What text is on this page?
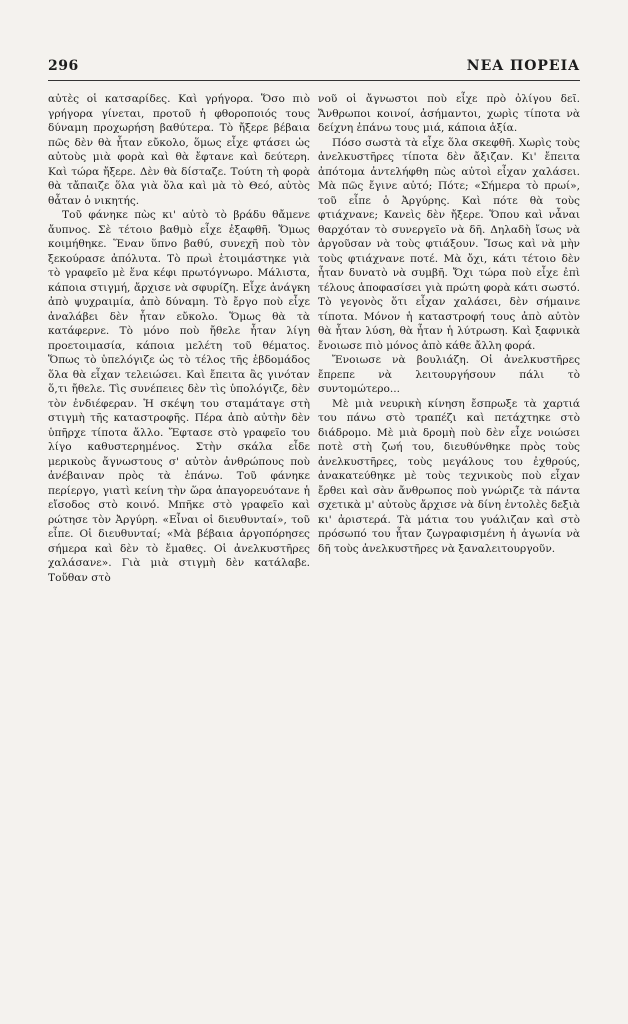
296	ΝΕΑ ΠΟΡΕΙΑ

αὐτὲς οἱ κατσαρίδες. Καὶ γρήγορα. Ὅσο πιὸ γρήγορα γίνεται, προτοῦ ἡ φθοροποιός τους δύναμη προχωρήση βαθύτερα. Τὸ ἤξερε βέβαια πῶς δὲν θὰ ἦταν εὔκολο, ὅμως εἶχε φτάσει ὡς αὐτοὺς μιὰ φορὰ καὶ θὰ ἔφτανε καὶ δεύτερη. Καὶ τώρα ἤξερε. Δὲν θὰ δίσταζε. Τούτη τὴ φορὰ θὰ τἄπαιζε ὅλα γιὰ ὅλα καὶ μὰ τὸ Θεό, αὐτὸς θἆταν ὁ νικητής.

Τοῦ φάνηκε πὼς κι' αὐτὸ τὸ βράδυ θἄμενε ἄυπνος. Σὲ τέτοιο βαθμὸ εἶχε ἐξαφθῆ. Ὅμως κοιμήθηκε. Ἕναν ὕπνο βαθύ, συνεχῆ ποὺ τὸν ξεκούρασε ἀπόλυτα. Τὸ πρωὶ ἑτοιμάστηκε γιὰ τὸ γραφεῖο μὲ ἕνα κέφι πρωτόγνωρο. Μάλιστα, κάποια στιγμή, ἄρχισε νὰ σφυρίζη. Εἶχε ἀνάγκη ἀπὸ ψυχραιμία, ἀπὸ δύναμη. Τὸ ἔργο ποὺ εἶχε ἀναλάβει δὲν ἦταν εὔκολο. Ὅμως θὰ τὰ κατάφερνε. Τὸ μόνο ποὺ ἤθελε ἦταν λίγη προετοιμασία, κάποια μελέτη τοῦ θέματος. Ὅπως τὸ ὑπελόγιζε ὡς τὸ τέλος τῆς ἑβδομάδος ὅλα θὰ εἶχαν τελειώσει. Καὶ ἔπειτα ἂς γινόταν ὅ,τι ἤθελε. Τὶς συνέπειες δὲν τὶς ὑπολόγιζε, δὲν τὸν ἐνδιέφεραν. Ἡ σκέψη του σταμάταγε στὴ στιγμὴ τῆς καταστροφῆς. Πέρα ἀπὸ αὐτὴν δὲν ὑπῆρχε τίποτα ἄλλο. Ἔφτασε στὸ γραφεῖο του λίγο καθυστερημένος. Στὴν σκάλα εἶδε μερικοὺς ἄγνωστους σ' αὐτὸν ἀνθρώπους ποὺ ἀνέβαιναν πρὸς τὰ ἐπάνω. Τοῦ φάνηκε περίεργο, γιατὶ κείνη τὴν ὥρα ἀπαγορευότανε ἡ εἴσοδος στὸ κοινό. Μπῆκε στὸ γραφεῖο καὶ ρώτησε τὸν Ἀργύρη. «Εἶναι οἱ διευθυνταί», τοῦ εἶπε. Οἱ διευθυνταί; «Μὰ βέβαια ἀργοπόρησες σήμερα καὶ δὲν τὸ ἔμαθες. Οἱ ἀνελκυστῆρες χαλάσανε». Γιὰ μιὰ στιγμὴ δὲν κατάλαβε. Τοὔθαν στὸ

νοῦ οἱ ἄγνωστοι ποὺ εἶχε πρὸ ὀλίγου δεῖ. Ἄνθρωποι κοινοί, ἀσήμαντοι, χωρὶς τίποτα νὰ δείχνη ἐπάνω τους μιά, κάποια ἀξία.

Πόσο σωστὰ τὰ εἶχε ὅλα σκεφθῆ. Χωρὶς τοὺς ἀνελκυστῆρες τίποτα δὲν ἄξιζαν. Κι' ἔπειτα ἀπότομα ἀντελήφθη πὼς αὐτοὶ εἶχαν χαλάσει. Μὰ πῶς ἔγινε αὐτό; Πότε; «Σήμερα τὸ πρωί», τοῦ εἶπε ὁ Ἀργύρης. Καὶ πότε θὰ τοὺς φτιάχνανε; Κανεὶς δὲν ἤξερε. Ὅπου καὶ νἆναι θαρχόταν τὸ συνεργεῖο νὰ δῆ. Δηλαδὴ ἴσως νὰ ἀργοῦσαν νὰ τοὺς φτιάξουν. Ἴσως καὶ νὰ μὴν τοὺς φτιάχνανε ποτέ. Μὰ ὄχι, κάτι τέτοιο δὲν ἦταν δυνατὸ νὰ συμβῆ. Ὄχι τώρα ποὺ εἶχε ἐπὶ τέλους ἀποφασίσει γιὰ πρώτη φορὰ κάτι σωστό. Τὸ γεγονὸς ὅτι εἶχαν χαλάσει, δὲν σήμαινε τίποτα. Μόνον ἡ καταστροφή τους ἀπὸ αὐτὸν θὰ ἦταν λύση, θὰ ἦταν ἡ λύτρωση. Καὶ ξαφνικὰ ἔνοιωσε πιὸ μόνος ἀπὸ κάθε ἄλλη φορά.

Ἔνοιωσε νὰ βουλιάζη. Οἱ ἀνελκυστῆρες ἔπρεπε νὰ λειτουργήσουν πάλι τὸ συντομώτερο...

Μὲ μιὰ νευρικὴ κίνηση ἔσπρωξε τὰ χαρτιά του πάνω στὸ τραπέζι καὶ πετάχτηκε στὸ διάδρομο. Μὲ μιὰ δρομὴ ποὺ δὲν εἶχε νοιώσει ποτὲ στὴ ζωή του, διευθύνθηκε πρὸς τοὺς ἀνελκυστῆρες, τοὺς μεγάλους του ἐχθρούς, ἀνακατεύθηκε μὲ τοὺς τεχνικοὺς ποὺ εἶχαν ἔρθει καὶ σὰν ἄνθρωπος ποὺ γνώριζε τὰ πάντα σχετικὰ μ' αὐτοὺς ἄρχισε νὰ δίνη ἐντολὲς δεξιὰ κι' ἀριστερά. Τὰ μάτια του γυάλιζαν καὶ στὸ πρόσωπό του ἦταν ζωγραφισμένη ἡ ἀγωνία νὰ δῆ τοὺς ἀνελκυστῆρες νὰ ξαναλειτουργοῦν.
